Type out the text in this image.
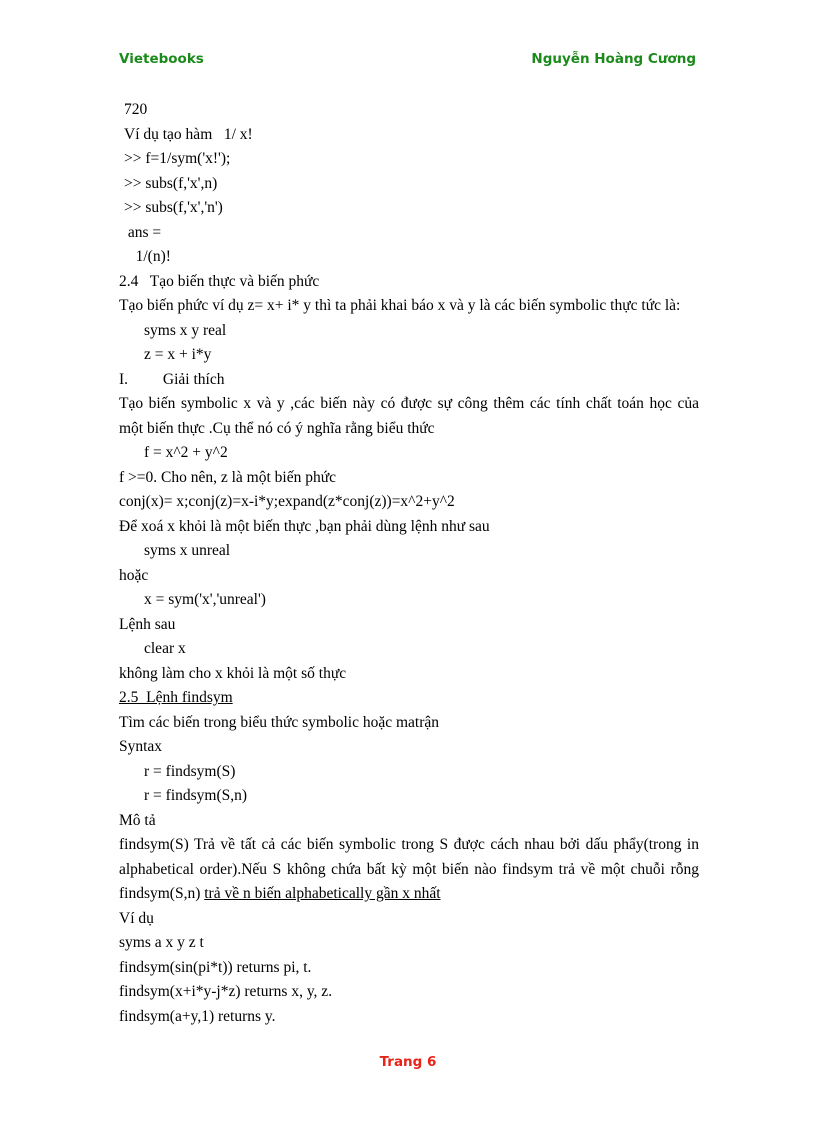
Vietebooks	Nguyễn Hoàng Cương
720
Ví dụ tạo hàm   1/ x!
>> f=1/sym('x!');
>> subs(f,'x',n)
>> subs(f,'x','n')
ans =
1/(n)!
2.4   Tạo biến thực và biến phức
Tạo biến phức ví dụ z= x+ i* y thì ta phải khai báo x và y là các biến symbolic thực tức là:
syms x y real
z = x + i*y
I.         Giải thích
Tạo biến symbolic x và y ,các biến này có được sự công thêm các tính chất toán học của
một biến thực .Cụ thể nó có ý nghĩa rằng biểu thức
f = x^2 + y^2
f >=0. Cho nên, z là một biến phức
conj(x)= x;conj(z)=x-i*y;expand(z*conj(z))=x^2+y^2
Để xoá x khỏi là một biến thực ,bạn phải dùng lệnh như sau
syms x unreal
hoặc
x = sym('x','unreal')
Lệnh sau
clear x
không làm cho x khỏi là một số thực
2.5  Lệnh findsym
Tìm các biến trong biểu thức symbolic hoặc matrận
Syntax
r = findsym(S)
r = findsym(S,n)
Mô tả
findsym(S) Trả về tất cả các biến symbolic trong S được cách nhau bởi dấu phẩy(trong in
alphabetical order).Nếu S không chứa bất kỳ một biến nào findsym trả về một chuỗi rỗng
findsym(S,n) trả về n biến alphabetically gần x nhất
Ví dụ
syms a x y z t
findsym(sin(pi*t)) returns pi, t.
findsym(x+i*y-j*z) returns x, y, z.
findsym(a+y,1) returns y.
Trang 6
